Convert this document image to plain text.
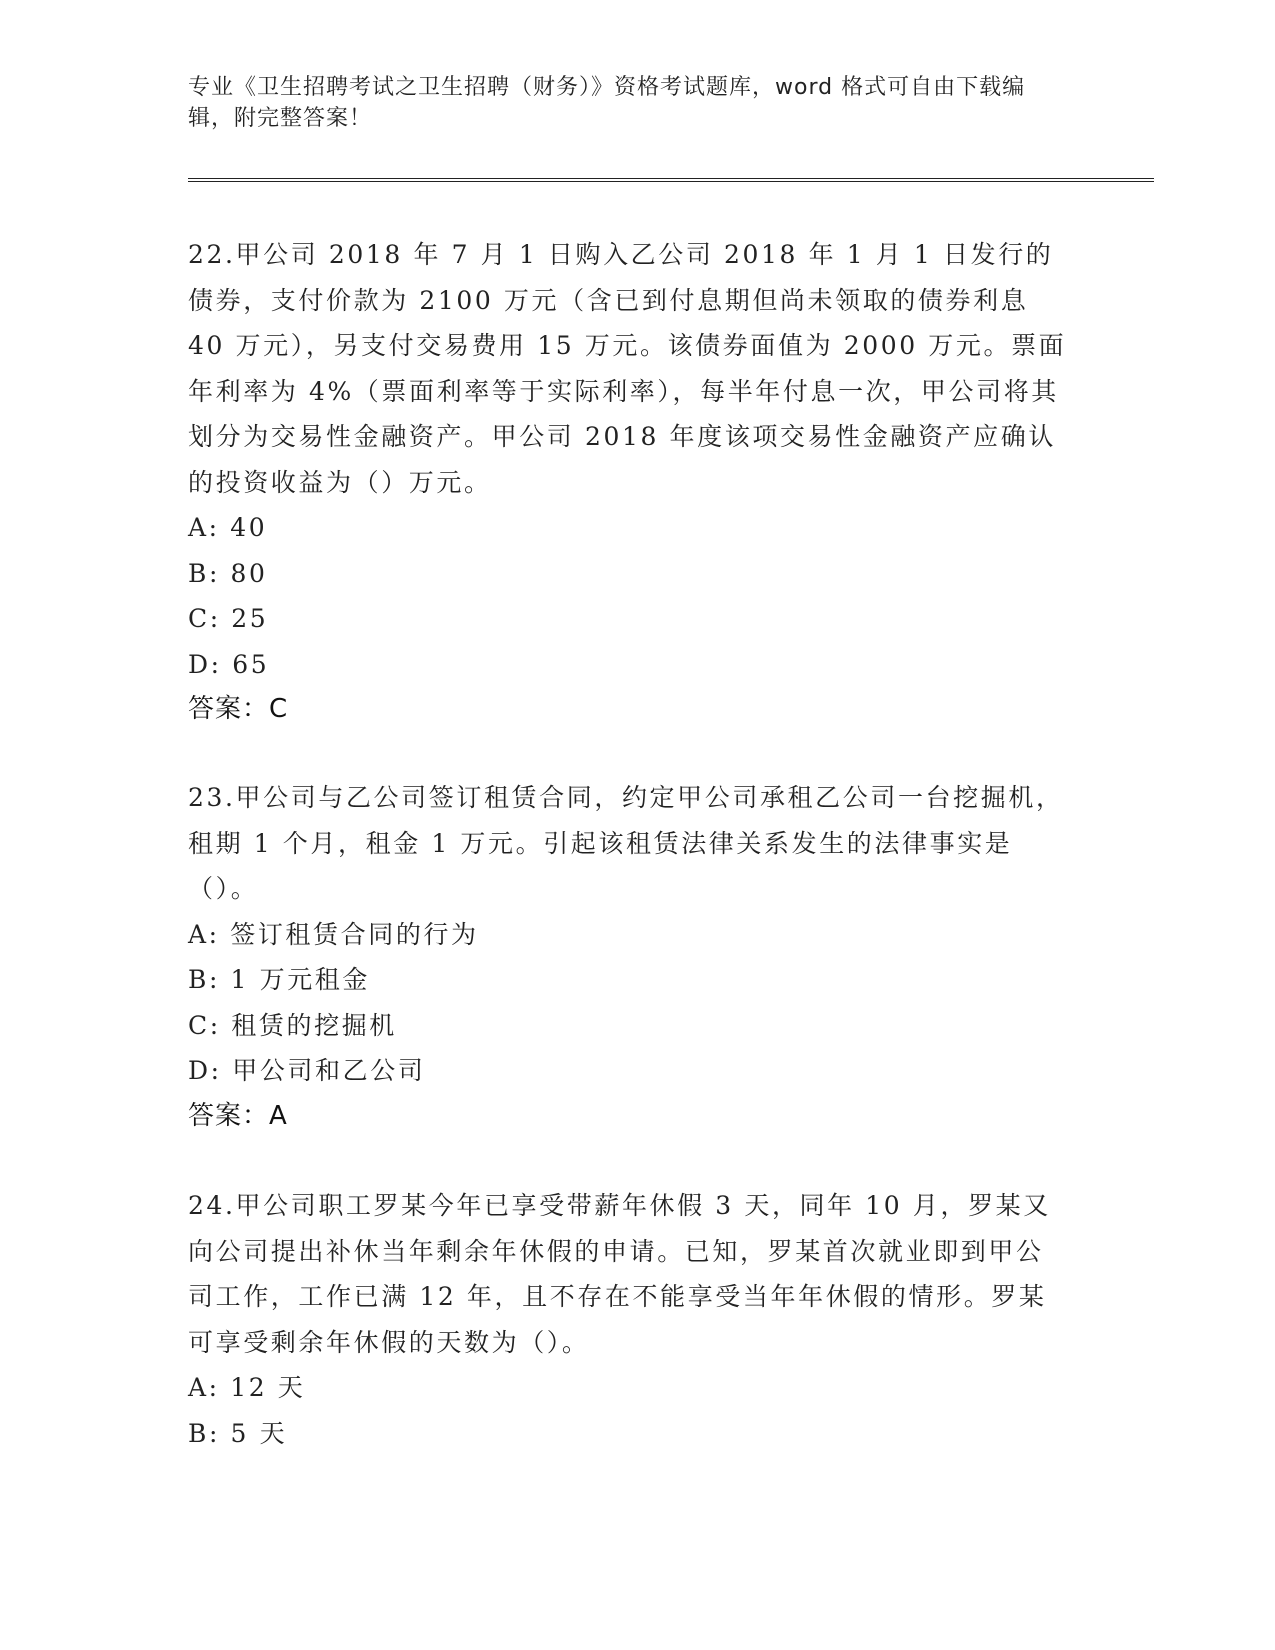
专业《卫生招聘考试之卫生招聘（财务）》资格考试题库，word 格式可自由下载编辑，附完整答案！

22.甲公司 2018 年 7 月 1 日购入乙公司 2018 年 1 月 1 日发行的债券，支付价款为 2100 万元（含已到付息期但尚未领取的债券利息 40 万元），另支付交易费用 15 万元。该债券面值为 2000 万元。票面年利率为 4%（票面利率等于实际利率），每半年付息一次，甲公司将其划分为交易性金融资产。甲公司 2018 年度该项交易性金融资产应确认的投资收益为（）万元。

A: 40

B: 80

C: 25

D: 65

答案：C

23.甲公司与乙公司签订租赁合同，约定甲公司承租乙公司一台挖掘机，租期 1 个月，租金 1 万元。引起该租赁法律关系发生的法律事实是（）。

A: 签订租赁合同的行为

B: 1 万元租金

C: 租赁的挖掘机

D: 甲公司和乙公司

答案：A

24.甲公司职工罗某今年已享受带薪年休假 3 天，同年 10 月，罗某又向公司提出补休当年剩余年休假的申请。已知，罗某首次就业即到甲公司工作，工作已满 12 年，且不存在不能享受当年年休假的情形。罗某可享受剩余年休假的天数为（）。

A: 12 天

B: 5 天
